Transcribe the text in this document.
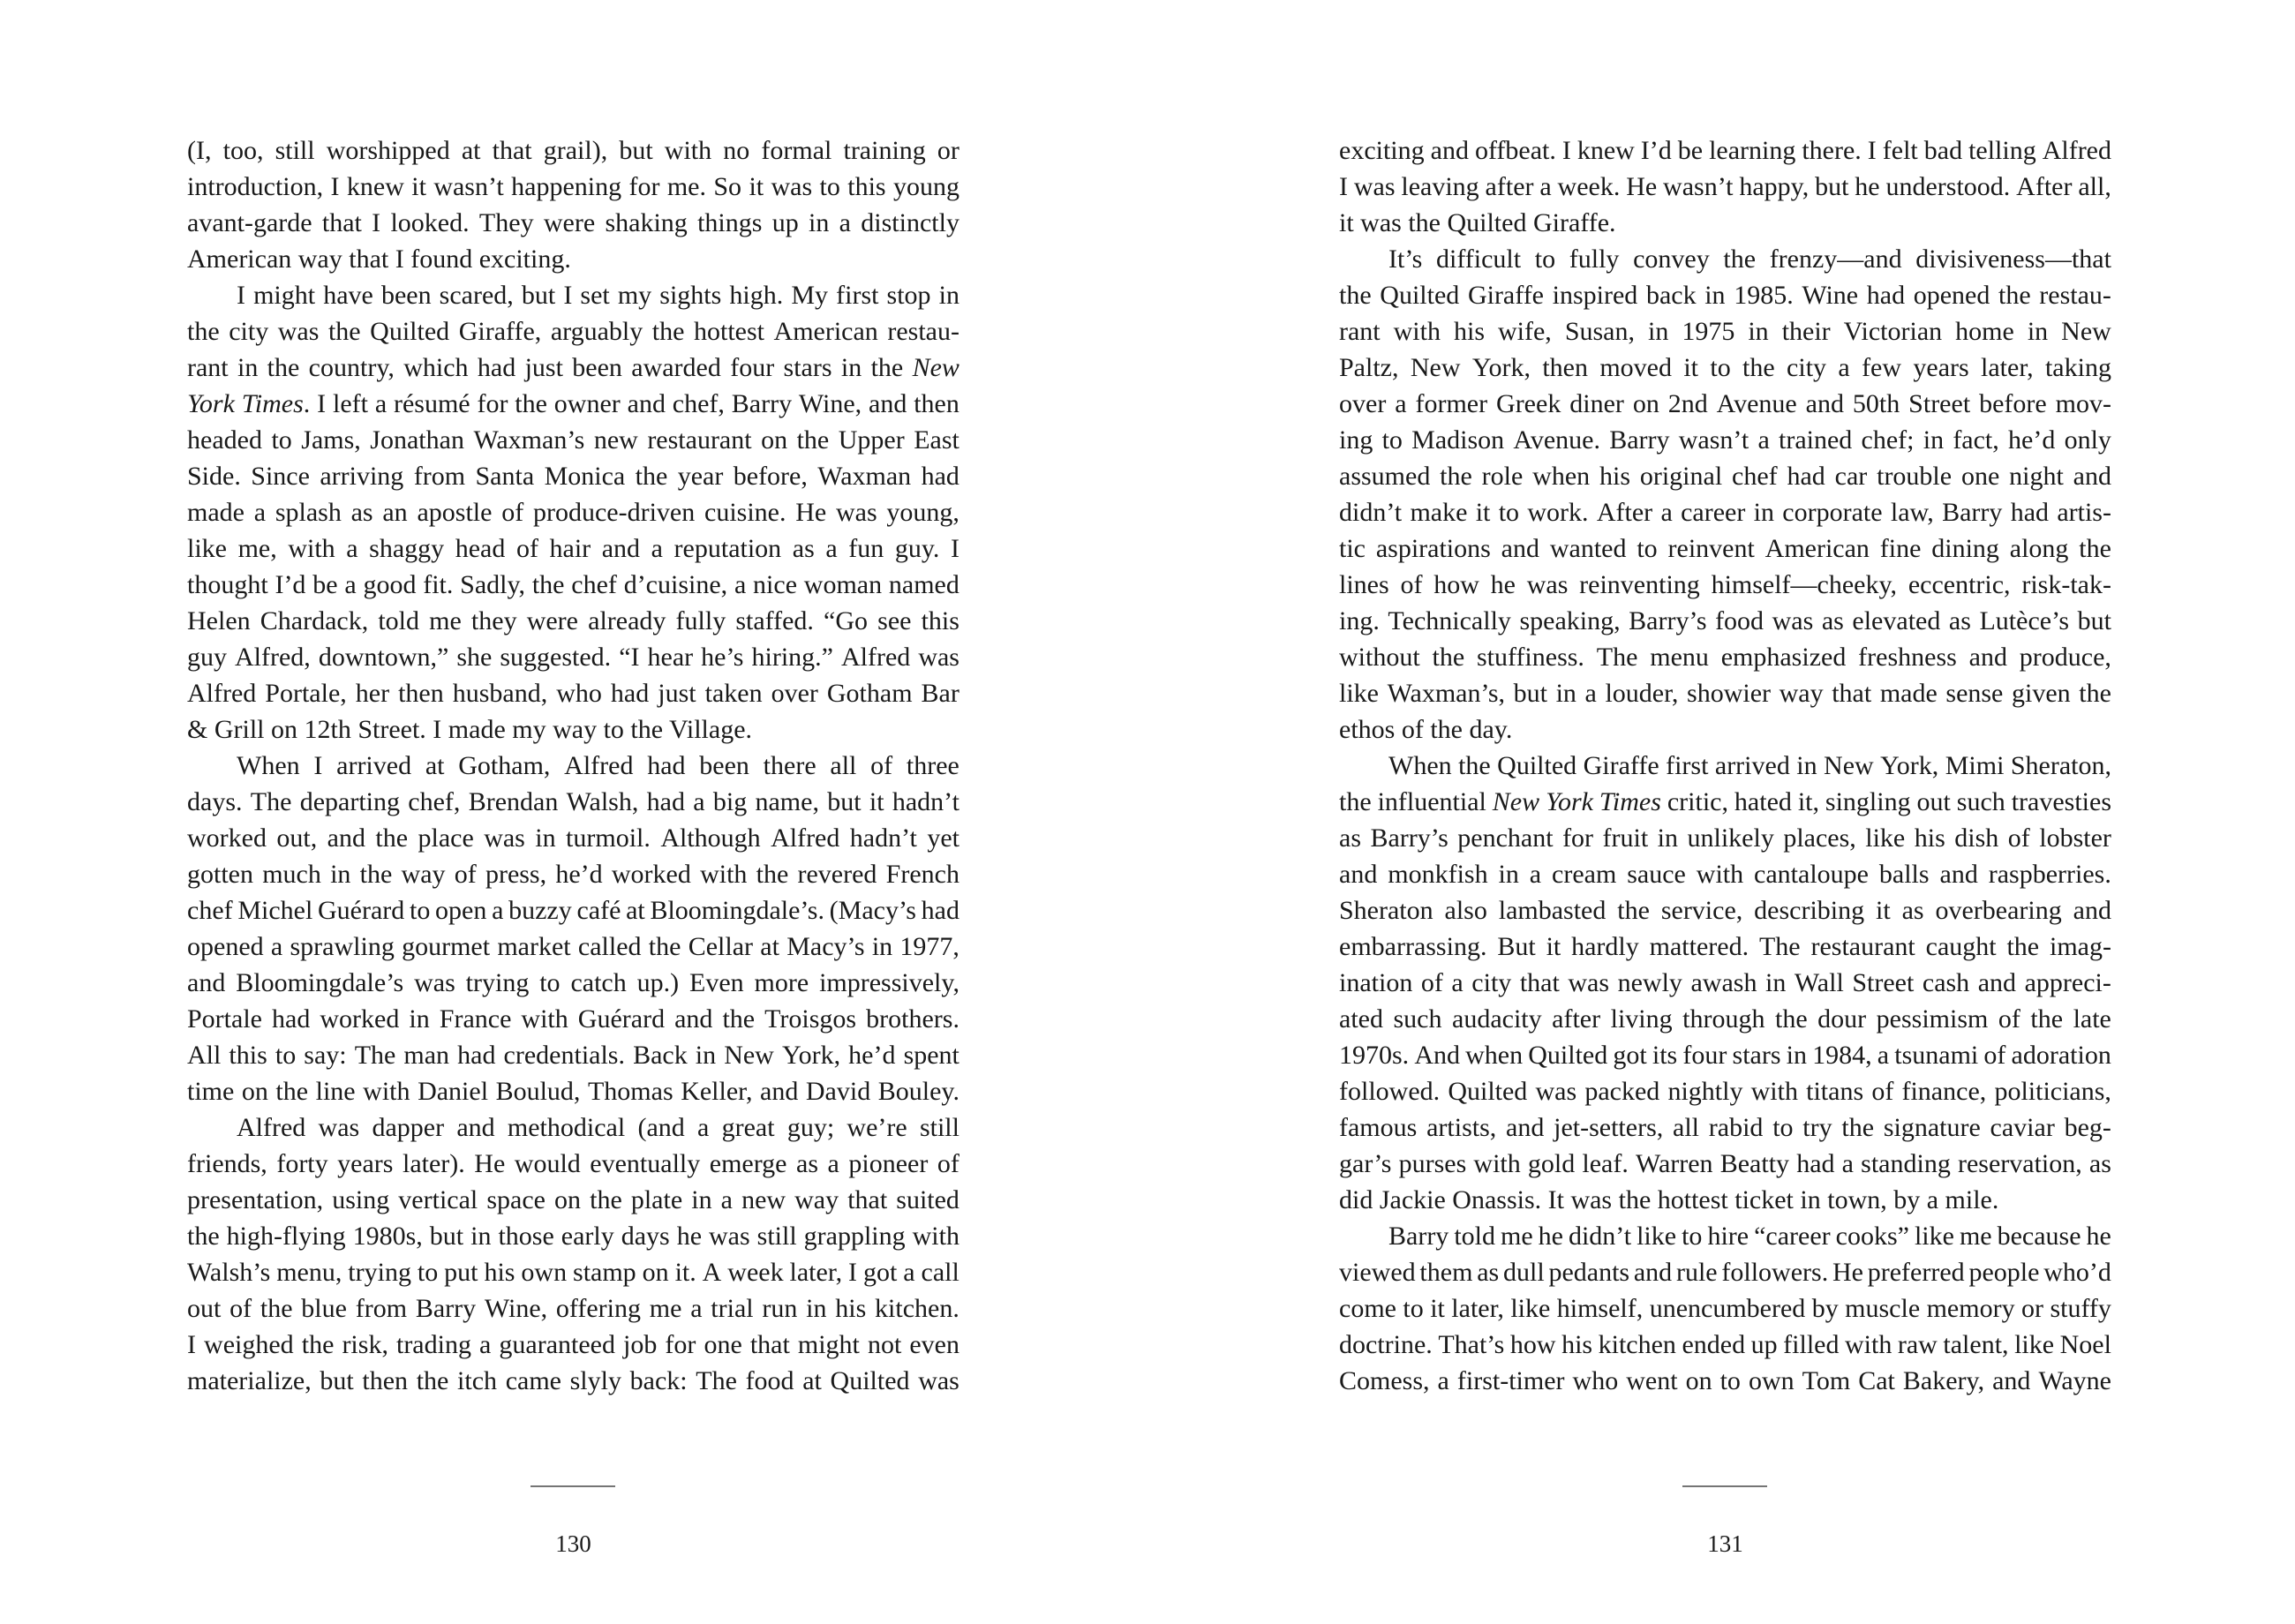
(I, too, still worshipped at that grail), but with no formal training or
introduction, I knew it wasn’t happening for me. So it was to this young
avant-garde that I looked. They were shaking things up in a distinctly
American way that I found exciting.
I might have been scared, but I set my sights high. My first stop in
the city was the Quilted Giraffe, arguably the hottest American restau-
rant in the country, which had just been awarded four stars in the New
York Times. I left a résumé for the owner and chef, Barry Wine, and then
headed to Jams, Jonathan Waxman’s new restaurant on the Upper East
Side. Since arriving from Santa Monica the year before, Waxman had
made a splash as an apostle of produce-driven cuisine. He was young,
like me, with a shaggy head of hair and a reputation as a fun guy. I
thought I’d be a good fit. Sadly, the chef d’cuisine, a nice woman named
Helen Chardack, told me they were already fully staffed. “Go see this
guy Alfred, downtown,” she suggested. “I hear he’s hiring.” Alfred was
Alfred Portale, her then husband, who had just taken over Gotham Bar
& Grill on 12th Street. I made my way to the Village.
When I arrived at Gotham, Alfred had been there all of three
days. The departing chef, Brendan Walsh, had a big name, but it hadn’t
worked out, and the place was in turmoil. Although Alfred hadn’t yet
gotten much in the way of press, he’d worked with the revered French
chef Michel Guérard to open a buzzy café at Bloomingdale’s. (Macy’s had
opened a sprawling gourmet market called the Cellar at Macy’s in 1977,
and Bloomingdale’s was trying to catch up.) Even more impressively,
Portale had worked in France with Guérard and the Troisgos brothers.
All this to say: The man had credentials. Back in New York, he’d spent
time on the line with Daniel Boulud, Thomas Keller, and David Bouley.
Alfred was dapper and methodical (and a great guy; we’re still
friends, forty years later). He would eventually emerge as a pioneer of
presentation, using vertical space on the plate in a new way that suited
the high-flying 1980s, but in those early days he was still grappling with
Walsh’s menu, trying to put his own stamp on it. A week later, I got a call
out of the blue from Barry Wine, offering me a trial run in his kitchen.
I weighed the risk, trading a guaranteed job for one that might not even
materialize, but then the itch came slyly back: The food at Quilted was
130
exciting and offbeat. I knew I’d be learning there. I felt bad telling Alfred
I was leaving after a week. He wasn’t happy, but he understood. After all,
it was the Quilted Giraffe.
It’s difficult to fully convey the frenzy—and divisiveness—that
the Quilted Giraffe inspired back in 1985. Wine had opened the restau-
rant with his wife, Susan, in 1975 in their Victorian home in New
Paltz, New York, then moved it to the city a few years later, taking
over a former Greek diner on 2nd Avenue and 50th Street before mov-
ing to Madison Avenue. Barry wasn’t a trained chef; in fact, he’d only
assumed the role when his original chef had car trouble one night and
didn’t make it to work. After a career in corporate law, Barry had artis-
tic aspirations and wanted to reinvent American fine dining along the
lines of how he was reinventing himself—cheeky, eccentric, risk-tak-
ing. Technically speaking, Barry’s food was as elevated as Lutèce’s but
without the stuffiness. The menu emphasized freshness and produce,
like Waxman’s, but in a louder, showier way that made sense given the
ethos of the day.
When the Quilted Giraffe first arrived in New York, Mimi Sheraton,
the influential New York Times critic, hated it, singling out such travesties
as Barry’s penchant for fruit in unlikely places, like his dish of lobster
and monkfish in a cream sauce with cantaloupe balls and raspberries.
Sheraton also lambasted the service, describing it as overbearing and
embarrassing. But it hardly mattered. The restaurant caught the imag-
ination of a city that was newly awash in Wall Street cash and appreci-
ated such audacity after living through the dour pessimism of the late
1970s. And when Quilted got its four stars in 1984, a tsunami of adoration
followed. Quilted was packed nightly with titans of finance, politicians,
famous artists, and jet-setters, all rabid to try the signature caviar beg-
gar’s purses with gold leaf. Warren Beatty had a standing reservation, as
did Jackie Onassis. It was the hottest ticket in town, by a mile.
Barry told me he didn’t like to hire “career cooks” like me because he
viewed them as dull pedants and rule followers. He preferred people who’d
come to it later, like himself, unencumbered by muscle memory or stuffy
doctrine. That’s how his kitchen ended up filled with raw talent, like Noel
Comess, a first-timer who went on to own Tom Cat Bakery, and Wayne
131
